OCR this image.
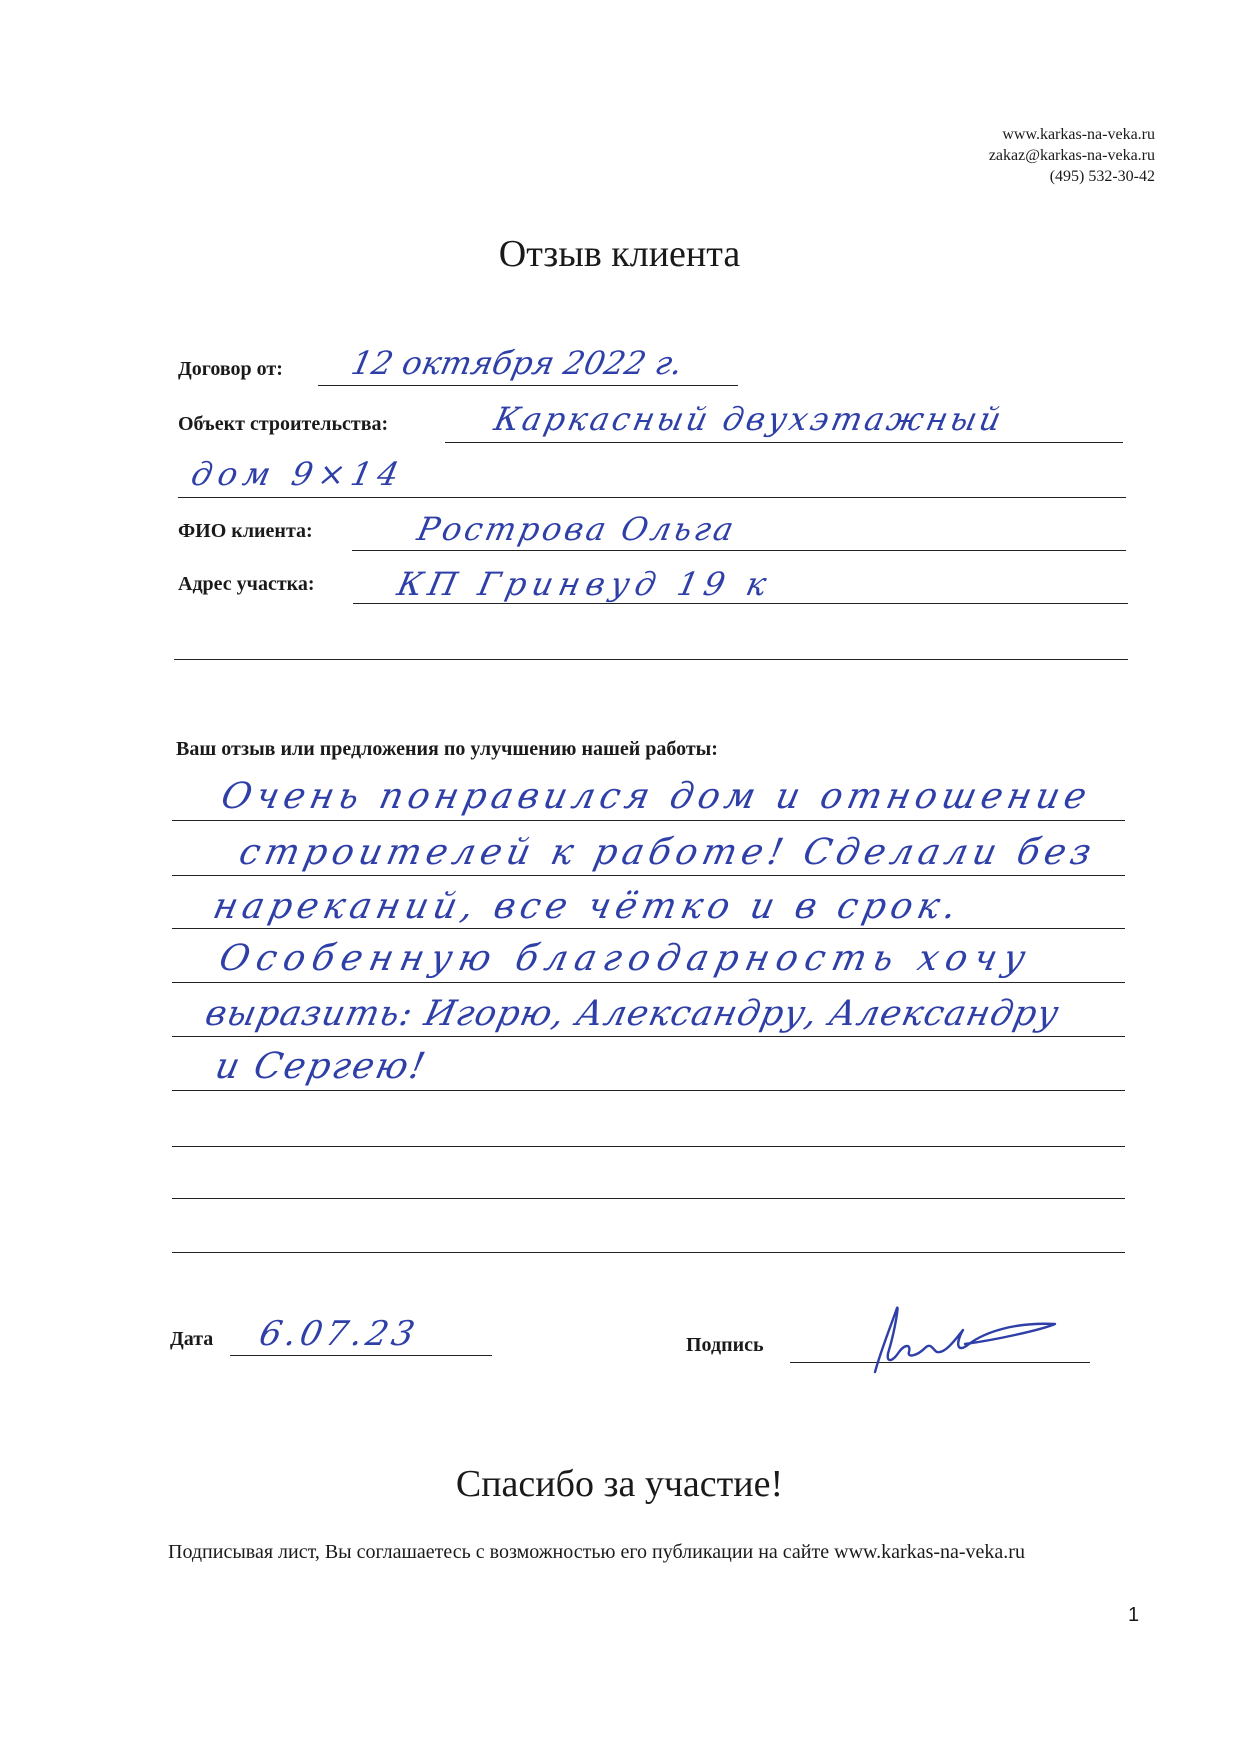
www.karkas-na-veka.ru
zakaz@karkas-na-veka.ru
(495) 532-30-42
Отзыв клиента
Договор от: 12 октября 2022 г.
Объект строительства:	Каркасный двухэтажный
дом 9×14
ФИО клиента:	Рострова Ольга
Адрес участка: КП Гринвуд 19 к
Ваш отзыв или предложения по улучшению нашей работы:
Очень понравился дом и отношение
строителей к работе! Сделали без
нареканий, все чётко и в срок.
Особенную благодарность хочу
выразить: Игорю, Александру, Александру
и Сергею!
Дата 6.07.23	Подпись
Спасибо за участие!
Подписывая лист, Вы соглашаетесь с возможностью его публикации на сайте www.karkas-na-veka.ru
1
